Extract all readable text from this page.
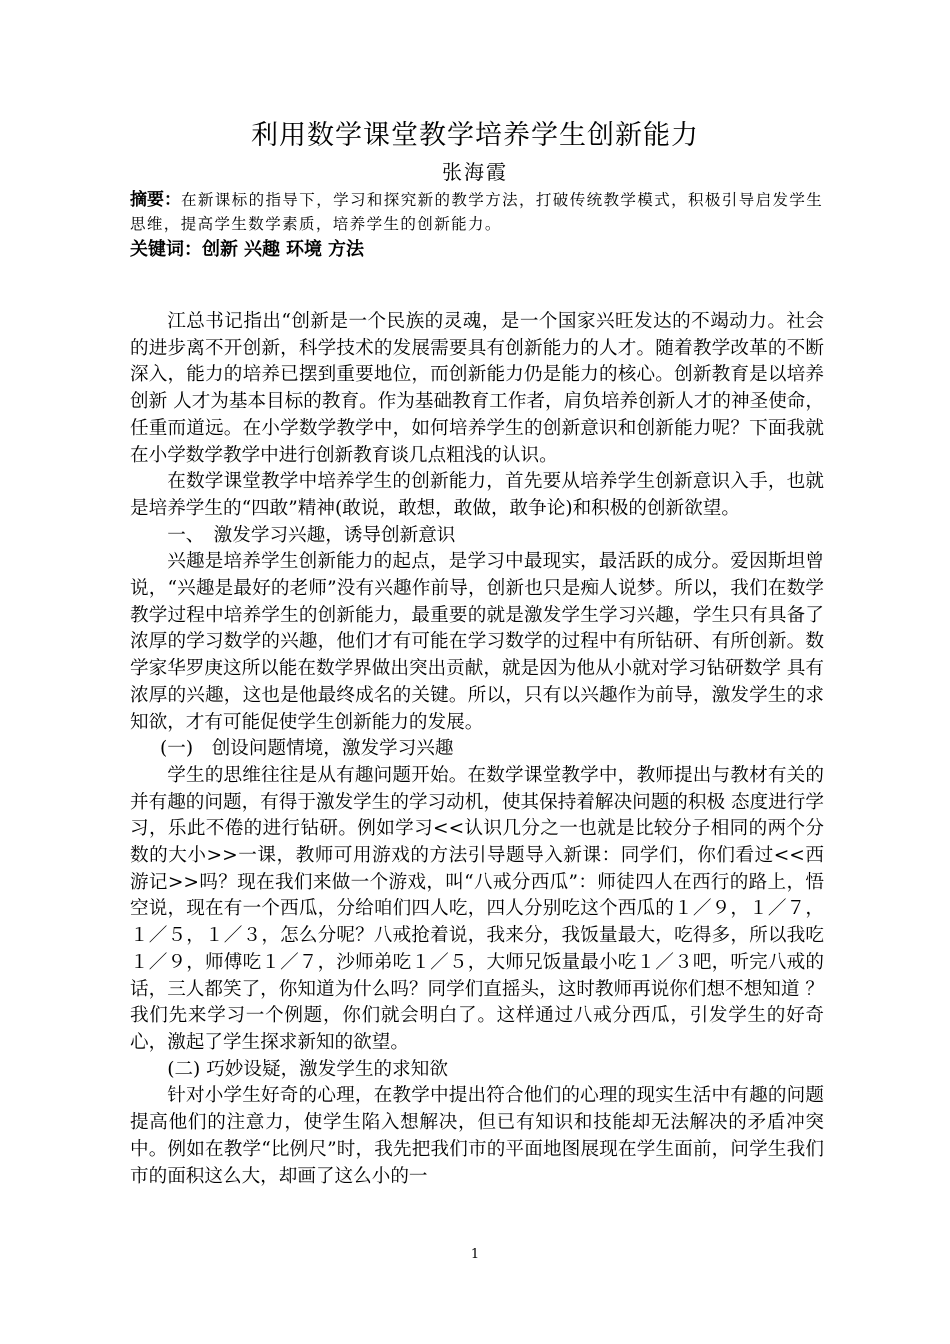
利用数学课堂教学培养学生创新能力
张海霞
摘要：在新课标的指导下，学习和探究新的教学方法，打破传统教学模式，积极引导启发学生思维，提高学生数学素质，培养学生的创新能力。
关键词：创新 兴趣 环境 方法

江总书记指出“创新是一个民族的灵魂，是一个国家兴旺发达的不竭动力。社会的进步离不开创新，科学技术的发展需要具有创新能力的人才。随着教学改革的不断深入，能力的培养已摆到重要地位，而创新能力仍是能力的核心。创新教育是以培养创新 人才为基本目标的教育。作为基础教育工作者，肩负培养创新人才的神圣使命，任重而道远。在小学数学教学中，如何培养学生的创新意识和创新能力呢？下面我就在小学数学教学中进行创新教育谈几点粗浅的认识。

在数学课堂教学中培养学生的创新能力，首先要从培养学生创新意识入手，也就是培养学生的“四敢”精神(敢说，敢想，敢做，敢争论)和积极的创新欲望。

一、　激发学习兴趣，诱导创新意识

兴趣是培养学生创新能力的起点，是学习中最现实，最活跃的成分。爱因斯坦曾说，“兴趣是最好的老师”没有兴趣作前导，创新也只是痴人说梦。所以，我们在数学教学过程中培养学生的创新能力，最重要的就是激发学生学习兴趣，学生只有具备了浓厚的学习数学的兴趣，他们才有可能在学习数学的过程中有所钻研、有所创新。数学家华罗庚这所以能在数学界做出突出贡献，就是因为他从小就对学习钻研数学 具有浓厚的兴趣，这也是他最终成名的关键。所以，只有以兴趣作为前导，激发学生的求知欲，才有可能促使学生创新能力的发展。

(一)　创设问题情境，激发学习兴趣

学生的思维往往是从有趣问题开始。在数学课堂教学中，教师提出与教材有关的并有趣的问题，有得于激发学生的学习动机，使其保持着解决问题的积极 态度进行学习，乐此不倦的进行钻研。例如学习<<认识几分之一也就是比较分子相同的两个分数的大小>>一课，教师可用游戏的方法引导题导入新课：同学们，你们看过<<西游记>>吗？现在我们来做一个游戏，叫“八戒分西瓜”：师徒四人在西行的路上，悟空说，现在有一个西瓜，分给咱们四人吃，四人分别吃这个西瓜的１／９，１／７，１／５，１／３，怎么分呢？八戒抢着说，我来分，我饭量最大，吃得多，所以我吃１／９，师傅吃１／７，沙师弟吃１／５，大师兄饭量最小吃１／３吧，听完八戒的话，三人都笑了，你知道为什么吗？同学们直摇头，这时教师再说你们想不想知道 ？我们先来学习一个例题，你们就会明白了。这样通过八戒分西瓜，引发学生的好奇心，激起了学生探求新知的欲望。

(二) 巧妙设疑，激发学生的求知欲

针对小学生好奇的心理，在教学中提出符合他们的心理的现实生活中有趣的问题提高他们的注意力，使学生陷入想解决，但已有知识和技能却无法解决的矛盾冲突中。例如在教学“比例尺”时，我先把我们市的平面地图展现在学生面前，问学生我们市的面积这么大，却画了这么小的一

1
